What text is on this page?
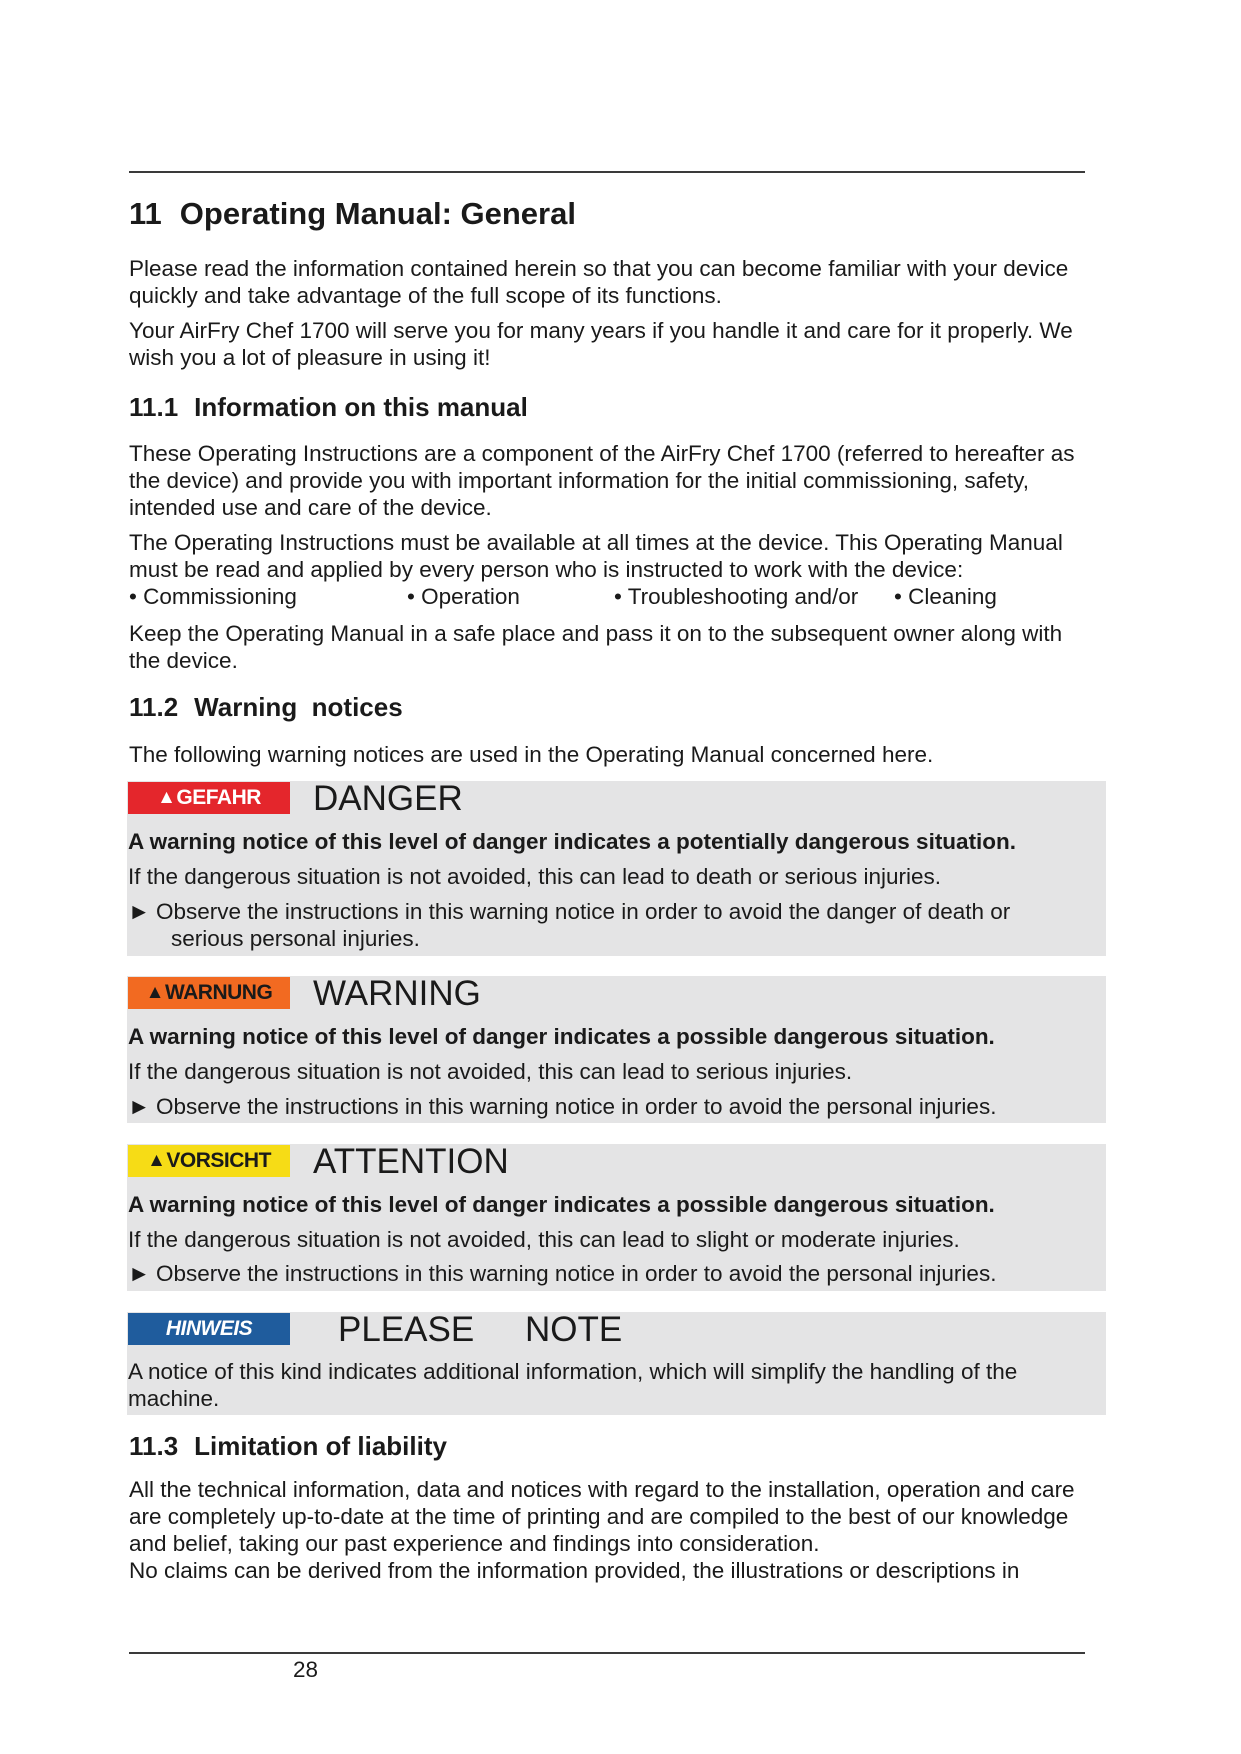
11 Operating Manual: General

Please read the information contained herein so that you can become familiar with your device quickly and take advantage of the full scope of its functions.

Your AirFry Chef 1700 will serve you for many years if you handle it and care for it properly. We wish you a lot of pleasure in using it!

11.1 Information on this manual

These Operating Instructions are a component of the AirFry Chef 1700 (referred to hereafter as the device) and provide you with important information for the initial commissioning, safety, intended use and care of the device.

The Operating Instructions must be available at all times at the device. This Operating Manual must be read and applied by every person who is instructed to work with the device:

• Commissioning	• Operation	• Troubleshooting and/or • Cleaning

Keep the Operating Manual in a safe place and pass it on to the subsequent owner along with the device.

11.2 Warning  notices

The following warning notices are used in the Operating Manual concerned here.

11.3 Limitation of liability

All the technical information, data and notices with regard to the installation, operation and care are completely up-to-date at the time of printing and are compiled to the best of our knowledge and belief, taking our past experience and findings into consideration.

No claims can be derived from the information provided, the illustrations or descriptions in

▲ GEFAHR DANGER

A warning notice of this level of danger indicates a potentially dangerous situation.

If the dangerous situation is not avoided, this can lead to death or serious injuries.

► Observe the instructions in this warning notice in order to avoid the danger of death or serious personal injuries.
▲ WARNUNG WARNING

A warning notice of this level of danger indicates a possible dangerous situation.

If the dangerous situation is not avoided, this can lead to serious injuries.

► Observe the instructions in this warning notice in order to avoid the personal injuries.
▲ VORSICHT ATTENTION

A warning notice of this level of danger indicates a possible dangerous situation.

If the dangerous situation is not avoided, this can lead to slight or moderate injuries.

► Observe the instructions in this warning notice in order to avoid the personal injuries.
HINWEIS PLEASE NOTE

A notice of this kind indicates additional information, which will simplify the handling of the machine.

28
